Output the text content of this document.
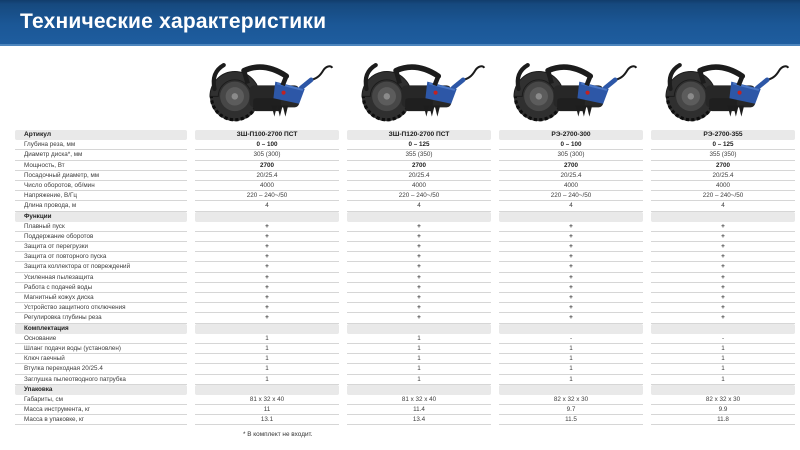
Технические характеристики
Артикул	ЗШ-П100-2700 ПСТ	ЗШ-П120-2700 ПСТ	РЭ-2700-300	РЭ-2700-355
Глубина реза, мм	0 – 100	0 – 125	0 – 100	0 – 125
Диаметр диска*, мм	305 (300)	355 (350)	305 (300)	355 (350)
Мощность, Вт	2700	2700	2700	2700
Посадочный диаметр, мм	20/25.4	20/25.4	20/25.4	20/25.4
Число оборотов, об/мин	4000	4000	4000	4000
Напряжение, В/Гц	220 – 240~/50	220 – 240~/50	220 – 240~/50	220 – 240~/50
Длина провода, м	4	4	4	4
Функции
Плавный пуск	+	+	+	+
Поддержание оборотов	+	+	+	+
Защита от перегрузки	+	+	+	+
Защита от повторного пуска	+	+	+	+
Защита коллектора от повреждений	+	+	+	+
Усиленная пылезащита	+	+	+	+
Работа с подачей воды	+	+	+	+
Магнитный кожух диска	+	+	+	+
Устройство защитного отключения	+	+	+	+
Регулировка глубины реза	+	+	+	+
Комплектация
Основание	1	1	-	-
Шланг подачи воды (установлен)	1	1	1	1
Ключ гаечный	1	1	1	1
Втулка переходная 20/25.4	1	1	1	1
Заглушка пылеотводного патрубка	1	1	1	1
Упаковка
Габариты, см	81 x 32 x 40	81 x 32 x 40	82 x 32 x 30	82 x 32 x 30
Масса инструмента, кг	11	11.4	9.7	9.9
Масса в упаковке, кг	13.1	13.4	11.5	11.8
* В комплект не входит.
